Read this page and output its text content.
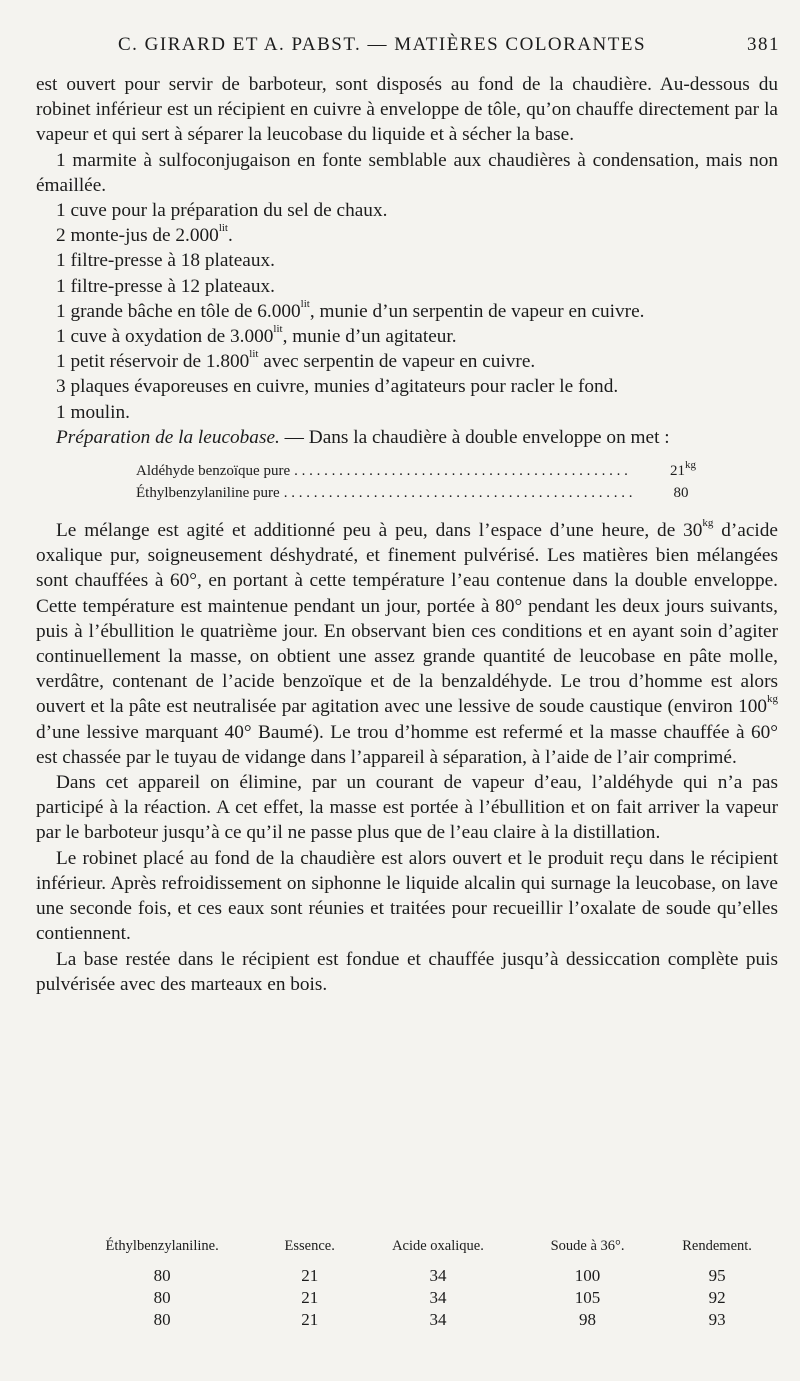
C. GIRARD ET A. PABST. — MATIÈRES COLORANTES	381

est ouvert pour servir de barboteur, sont disposés au fond de la chaudière. Au-dessous du robinet inférieur est un récipient en cuivre à enveloppe de tôle, qu’on chauffe directement par la vapeur et qui sert à séparer la leucobase du liquide et à sécher la base.

1 marmite à sulfoconjugaison en fonte semblable aux chaudières à condensation, mais non émaillée.

1 cuve pour la préparation du sel de chaux.

2 monte-jus de $2.000^{lit}$.

1 filtre-presse à 18 plateaux.

1 filtre-presse à 12 plateaux.

1 grande bâche en tôle de $6.000^{lit}$, munie d’un serpentin de vapeur en cuivre.

1 cuve à oxydation de $3.000^{lit}$, munie d’un agitateur.

1 petit réservoir de $1.800^{lit}$ avec serpentin de vapeur en cuivre.

3 plaques évaporeuses en cuivre, munies d’agitateurs pour racler le fond.

1 moulin.

Préparation de la leucobase. — Dans la chaudière à double enveloppe on met :

Aldéhyde benzoïque pure . . .	$21^{kg}$
Éthylbenzylaniline pure . . .	80

Le mélange est agité et additionné peu à peu, dans l’espace d’une heure, de $30^{kg}$ d’acide oxalique pur, soigneusement déshydraté, et finement pulvérisé. Les matières bien mélangées sont chauffées à 60°, en portant à cette température l’eau contenue dans la double enveloppe. Cette température est maintenue pendant un jour, portée à 80° pendant les deux jours suivants, puis à l’ébullition le quatrième jour. En observant bien ces conditions et en ayant soin d’agiter continuellement la masse, on obtient une assez grande quantité de leucobase en pâte molle, verdâtre, contenant de l’acide benzoïque et de la benzaldéhyde. Le trou d’homme est alors ouvert et la pâte est neutralisée par agitation avec une lessive de soude caustique (environ $100^{kg}$ d’une lessive marquant 40° Baumé). Le trou d’homme est refermé et la masse chauffée à 60° est chassée par le tuyau de vidange dans l’appareil à séparation, à l’aide de l’air comprimé.

Dans cet appareil on élimine, par un courant de vapeur d’eau, l’aldéhyde qui n’a pas participé à la réaction. A cet effet, la masse est portée à l’ébullition et on fait arriver la vapeur par le barboteur jusqu’à ce qu’il ne passe plus que de l’eau claire à la distillation.

Le robinet placé au fond de la chaudière est alors ouvert et le produit reçu dans le récipient inférieur. Après refroidissement on siphonne le liquide alcalin qui surnage la leucobase, on lave une seconde fois, et ces eaux sont réunies et traitées pour recueillir l’oxalate de soude qu’elles contiennent.

La base restée dans le récipient est fondue et chauffée jusqu’à dessiccation complète puis pulvérisée avec des marteaux en bois.

Éthylbenzylaniline.	Essence.	Acide oxalique.	Soude à 36°.	Rendement.
80	21	34	100	95
80	21	34	105	92
80	21	34	98	93
